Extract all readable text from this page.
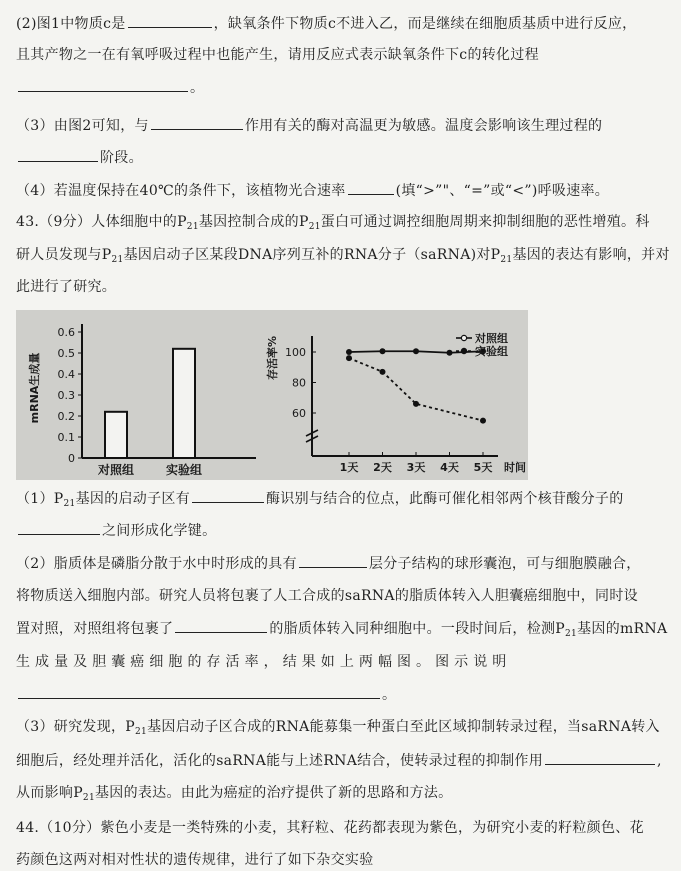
(2)图1中物质c是	，缺氧条件下物质c不进入乙，而是继续在细胞质基质中进行反应，
且其产物之一在有氧呼吸过程中也能产生，请用反应式表示缺氧条件下c的转化过程
。
（3）由图2可知，与	作用有关的酶对高温更为敏感。温度会影响该生理过程的
阶段。
（4）若温度保持在40℃的条件下，该植物光合速率	(填“>”"、“=”或“<”)呼吸速率。
43.（9分）人体细胞中的$P_{21}$基因控制合成的$P_{21}$蛋白可通过调控细胞周期来抑制细胞的恶性增殖。科
研人员发现与$P_{21}$基因启动子区某段DNA序列互补的RNA分子（saRNA)对$P_{21}$基因的表达有影响，并对
此进行了研究。
0
0.1
0.2
0.3
0.4
0.5
0.6
mRNA生成量
对照组	实验组
60
80
100
存活率%
1天 2天 3天 4天 5天 时间
对照组
实验组
$(1)P_{21}$基因的启动子区有	酶识别与结合的位点，此酶可催化相邻两个核苷酸分子的
之间形成化学键。
（2）脂质体是磷脂分散于水中时形成的具有	层分子结构的球形囊泡，可与细胞膜融合，
将物质送入细胞内部。研究人员将包裹了人工合成的saRNA的脂质体转入人胆囊癌细胞中，同时设
置对照，对照组将包裹了	的脂质体转入同种细胞中。一段时间后，检测$P_{21}$基因的mRNA
生 成 量 及 胆 囊 癌 细 胞 的 存 活 率 ， 结 果 如 上 两 幅 图 。 图 示 说 明
。
（3）研究发现，$P_{21}$基因启动子区合成的RNA能募集一种蛋白至此区域抑制转录过程，当saRNA转入
细胞后，经处理并活化，活化的saRNA能与上述RNA结合，使转录过程的抑制作用	,
从而影响$P_{21}$基因的表达。由此为癌症的治疗提供了新的思路和方法。
44.（10分）紫色小麦是一类特殊的小麦，其籽粒、花药都表现为紫色，为研究小麦的籽粒颜色、花
药颜色这两对相对性状的遗传规律，进行了如下杂交实验
